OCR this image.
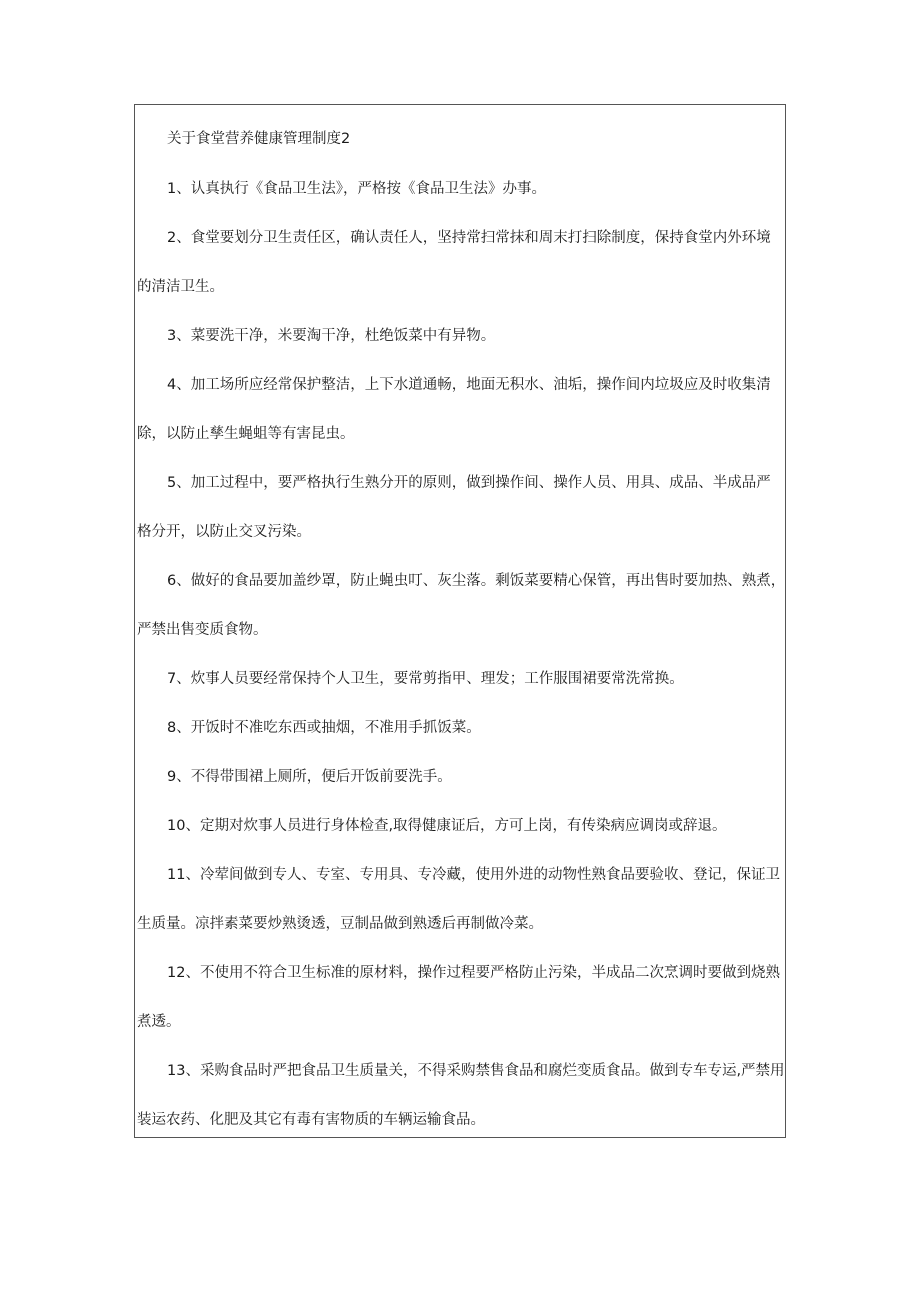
关于食堂营养健康管理制度2
1、认真执行《食品卫生法》，严格按《食品卫生法》办事。
2、食堂要划分卫生责任区，确认责任人，坚持常扫常抹和周末打扫除制度，保持食堂内外环境
的清洁卫生。
3、菜要洗干净，米要淘干净，杜绝饭菜中有异物。
4、加工场所应经常保护整洁，上下水道通畅，地面无积水、油垢，操作间内垃圾应及时收集清
除，以防止孳生蝇蛆等有害昆虫。
5、加工过程中，要严格执行生熟分开的原则，做到操作间、操作人员、用具、成品、半成品严
格分开，以防止交叉污染。
6、做好的食品要加盖纱罩，防止蝇虫叮、灰尘落。剩饭菜要精心保管，再出售时要加热、熟煮，
严禁出售变质食物。
7、炊事人员要经常保持个人卫生，要常剪指甲、理发；工作服围裙要常洗常换。
8、开饭时不准吃东西或抽烟，不准用手抓饭菜。
9、不得带围裙上厕所，便后开饭前要洗手。
10、定期对炊事人员进行身体检查,取得健康证后，方可上岗，有传染病应调岗或辞退。
11、冷荤间做到专人、专室、专用具、专冷藏，使用外进的动物性熟食品要验收、登记，保证卫
生质量。凉拌素菜要炒熟烫透，豆制品做到熟透后再制做冷菜。
12、不使用不符合卫生标准的原材料，操作过程要严格防止污染，半成品二次烹调时要做到烧熟
煮透。
13、采购食品时严把食品卫生质量关，不得采购禁售食品和腐烂变质食品。做到专车专运,严禁用
装运农药、化肥及其它有毒有害物质的车辆运输食品。
